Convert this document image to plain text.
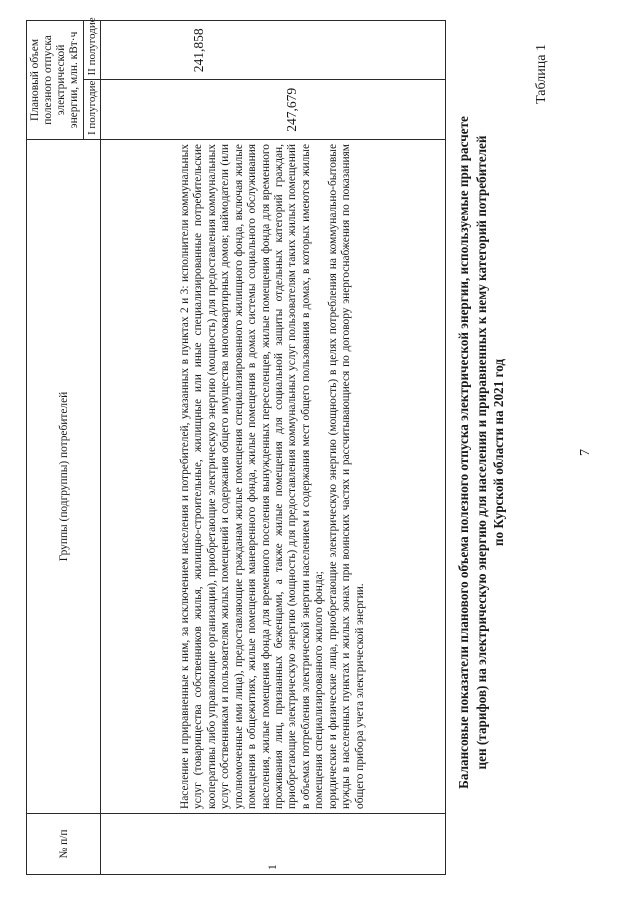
7
Таблица 1
Балансовые показатели планового объема полезного отпуска электрической энергии, используемые при расчете цен (тарифов) на электрическую энергию для населения и приравненных к нему категорий потребителей по Курской области на 2021 год
№ п/п	Группы (подгруппы) потребителей	Плановый объем полезного отпуска электрической энергии, млн. кВт·ч	
		I полугодие	II полугодие
1	Население и приравненные к ним, за исключением населения и потребителей, указанных в пунктах 2 и 3: исполнители коммунальных услуг (товарищества собственников жилья, жилищно-строительные, жилищные или иные специализированные потребительские кооперативы либо управляющие организации), приобретающие электрическую энергию (мощность) для предоставления коммунальных услуг собственникам и пользователям жилых помещений и содержания общего имущества многоквартирных домов; наймодатели (или уполномоченные ими лица), предоставляющие гражданам жилые помещения специализированного жилищного фонда, включая жилые помещения в общежитиях, жилые помещения маневренного фонда, жилые помещения в домах системы социального обслуживания населения, жилые помещения фонда для временного поселения вынужденных переселенцев, жилые помещения фонда для временного проживания лиц, признанных беженцами, а также жилые помещения для социальной защиты отдельных категорий граждан, приобретающие электрическую энергию (мощность) для предоставления коммунальных услуг пользователям таких жилых помещений в объемах потребления электрической энергии населением и содержания мест общего пользования в домах, в которых имеются жилые помещения специализированного жилого фонда; юридические и физические лица, приобретающие электрическую энергию (мощность) в целях потребления на коммунально-бытовые нужды в населенных пунктах и жилых зонах при воинских частях и рассчитывающиеся по договору энергоснабжения по показаниям общего прибора учета электрической энергии.	247,679	241,858
